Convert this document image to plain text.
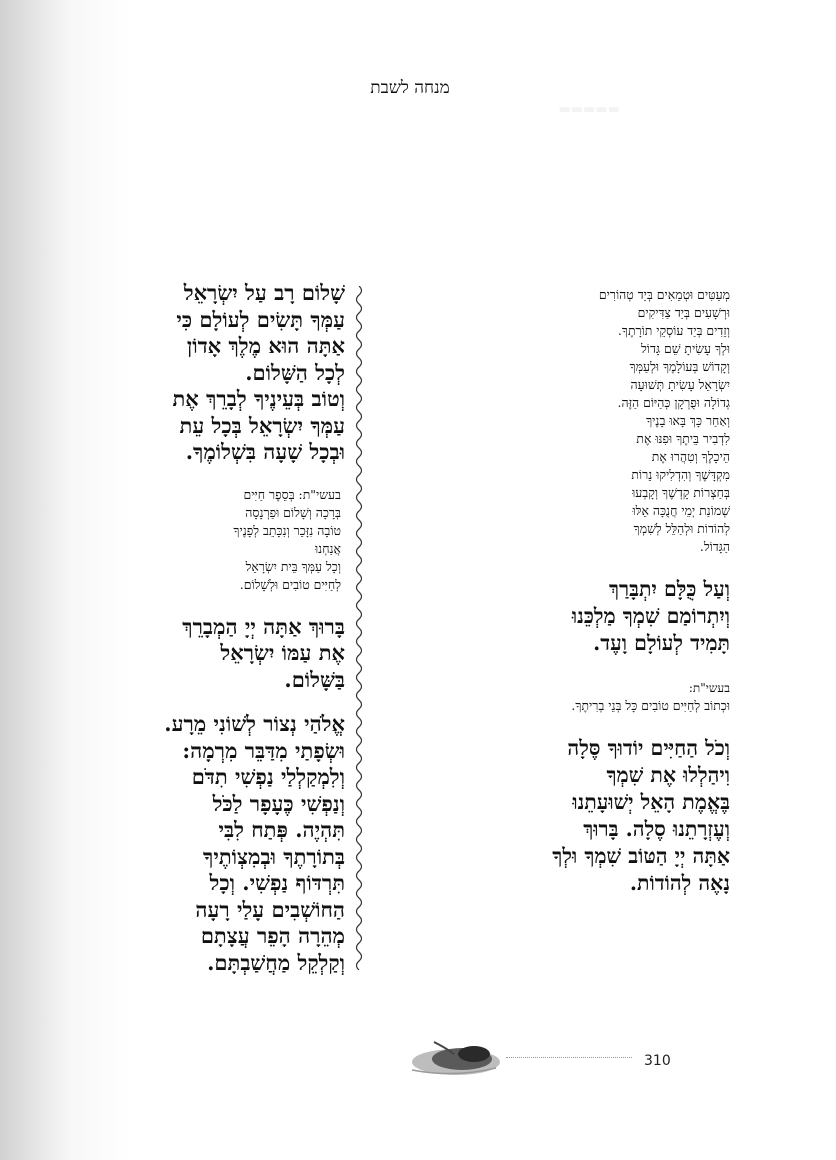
▬▬▬▬▬
מנחה לשבת

מְעַטִּים וּטְמֵאִים בְּיַד טְהוֹרִים

וּרְשָׁעִים בְּיַד צַדִּיקִים

וְזֵדִים בְּיַד עוֹסְקֵי תוֹרָתֶךָ.

וּלְךָ עָשִׂיתָ שֵׁם גָּדוֹל

וְקָדוֹשׁ בְּעוֹלָמֶךָ וּלְעַמְּךָ

יִשְׂרָאֵל עָשִׂיתָ תְּשׁוּעָה

גְדוֹלָה וּפֻרְקָן כְּהַיּוֹם הַזֶּה.

וְאַחַר כָּךְ בָּאוּ בָנֶיךָ

לִדְבִיר בֵּיתֶךָ וּפִנּוּ אֶת

הֵיכָלֶךָ וְטִהֲרוּ אֶת

מִקְדָּשֶׁךָ וְהִדְלִיקוּ נֵרוֹת

בְּחַצְרוֹת קָדְשֶׁךָ וְקָבְעוּ

שְׁמוֹנַת יְמֵי חֲנֻכָּה אֵלּוּ

לְהוֹדוֹת וּלְהַלֵּל לְשִׁמְךָ

הַגָּדוֹל.

וְעַל כֻּלָּם יִתְבָּרַךְ

וְיִתְרוֹמַם שִׁמְךָ מַלְכֵּנוּ

תָּמִיד לְעוֹלָם וָעֶד.

בעשי"ת:
וּכְתוֹב לְחַיִּים טוֹבִים כָּל בְּנֵי בְרִיתֶךָ.

וְכֹל הַחַיִּים יוֹדוּךָ סֶּלָה

וִיהַלְלוּ אֶת שִׁמְךָ

בֶּאֱמֶת הָאֵל יְשׁוּעָתֵנוּ

וְעֶזְרָתֵנוּ סֶלָה. בָּרוּךְ

אַתָּה יְיָ הַטּוֹב שִׁמְךָ וּלְךָ

נָאֶה לְהוֹדוֹת.

שָׁלוֹם רָב עַל יִשְׂרָאֵל

עַמְּךָ תָּשִׂים לְעוֹלָם כִּי

אַתָּה הוּא מֶלֶךְ אָדוֹן

לְכָל הַשָּׁלוֹם.

וְטוֹב בְּעֵינֶיךָ לְבָרֵךְ אֶת

עַמְּךָ יִשְׂרָאֵל בְּכָל עֵת

וּבְכָל שָׁעָה בִּשְׁלוֹמֶךָ.

בעשי"ת: בְּסֵפֶר חַיִּים

בְּרָכָה וְשָׁלוֹם וּפַרְנָסָה

טוֹבָה נִזָּכֵר וְנִכָּתֵב לְפָנֶיךָ

אֲנַחְנוּ

וְכָל עַמְּךָ בֵּית יִשְׂרָאֵל

לְחַיִּים טוֹבִים וּלְשָׁלוֹם.

בָּרוּךְ אַתָּה יְיָ הַמְבָרֵךְ

אֶת עַמּוֹ יִשְׂרָאֵל

בַּשָּׁלוֹם.

אֱלֹהַי נְצוֹר לְשׁוֹנִי מֵרָע.

וּשְׂפָתַי מִדַּבֵּר מִרְמָה:

וְלִמְקַלְלַי נַפְשִׁי תִדֹּם

וְנַפְשִׁי כֶּעָפָר לַכֹּל

תִּהְיֶה. פְּתַח לִבִּי

בְּתוֹרָתֶךָ וּבְמִצְוֹתֶיךָ

תִּרְדּוֹף נַפְשִׁי. וְכָל

הַחוֹשְׁבִים עָלַי רָעָה

מְהֵרָה הָפֵר עֲצָתָם

וְקַלְקֵל מַחֲשַׁבְתָּם.

310
